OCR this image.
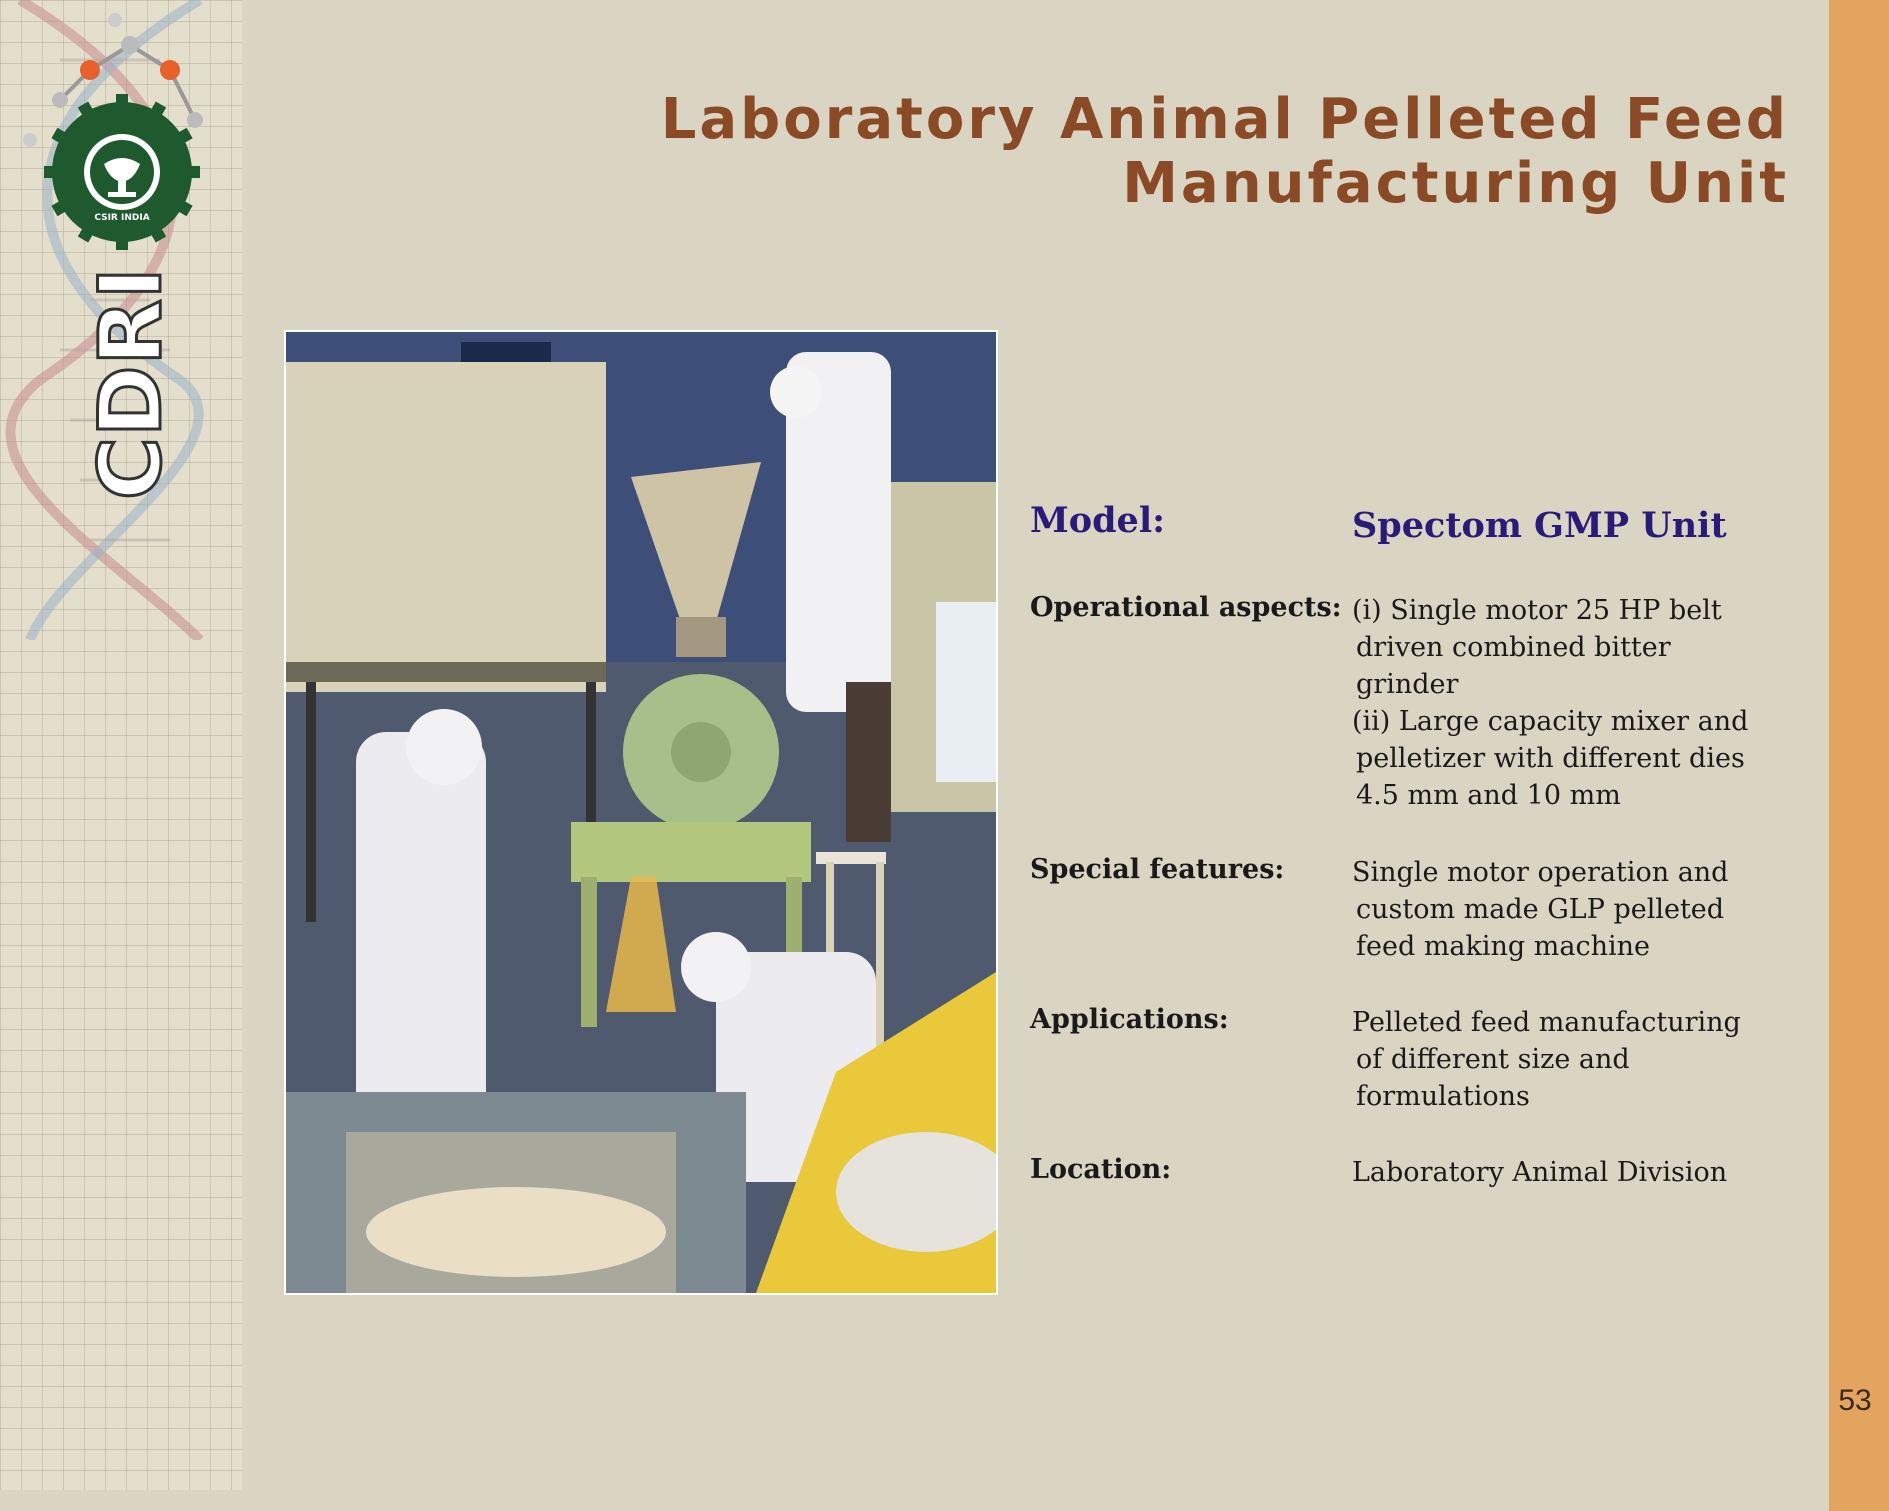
CSIR INDIA
CDRI
Laboratory Animal Pelleted Feed
Manufacturing Unit
Model:	Spectom GMP Unit
Operational aspects: (i) Single motor 25 HP belt
driven combined bitter
grinder
(ii) Large capacity mixer and
pelletizer with different dies
4.5 mm and 10 mm
Special features:	Single motor operation and
custom made GLP pelleted
feed making machine
Applications:	Pelleted feed manufacturing
of different size and
formulations
Location:	Laboratory Animal Division
53
